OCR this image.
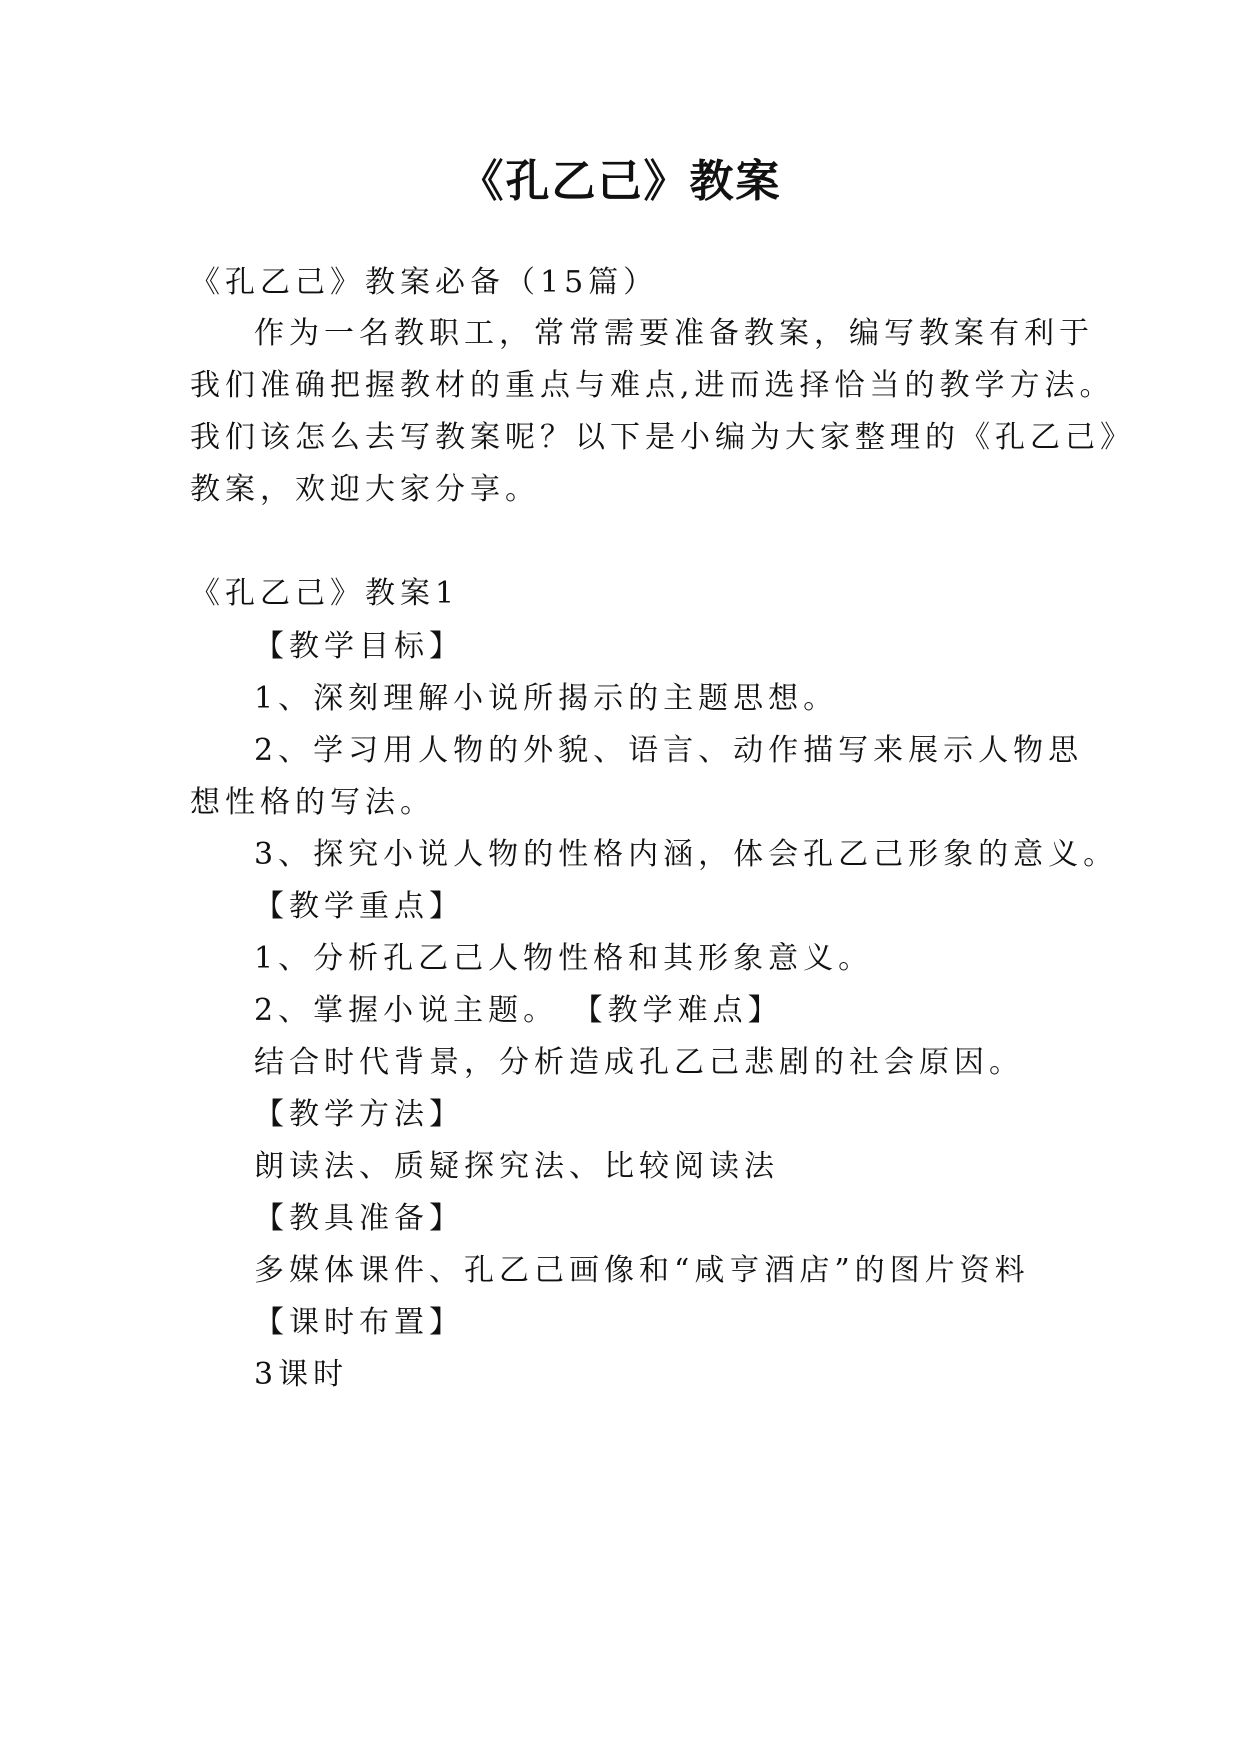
《孔乙己》教案
《孔乙己》教案必备（15篇）
作为一名教职工，常常需要准备教案，编写教案有利于
我们准确把握教材的重点与难点,进而选择恰当的教学方法。
我们该怎么去写教案呢？以下是小编为大家整理的《孔乙己》
教案，欢迎大家分享。
《孔乙己》教案1
【教学目标】
1、深刻理解小说所揭示的主题思想。
2、学习用人物的外貌、语言、动作描写来展示人物思
想性格的写法。
3、探究小说人物的性格内涵，体会孔乙己形象的意义。
【教学重点】
1、分析孔乙己人物性格和其形象意义。
2、掌握小说主题。 【教学难点】
结合时代背景，分析造成孔乙己悲剧的社会原因。
【教学方法】
朗读法、质疑探究法、比较阅读法
【教具准备】
多媒体课件、孔乙己画像和“咸亨酒店”的图片资料
【课时布置】
3课时
